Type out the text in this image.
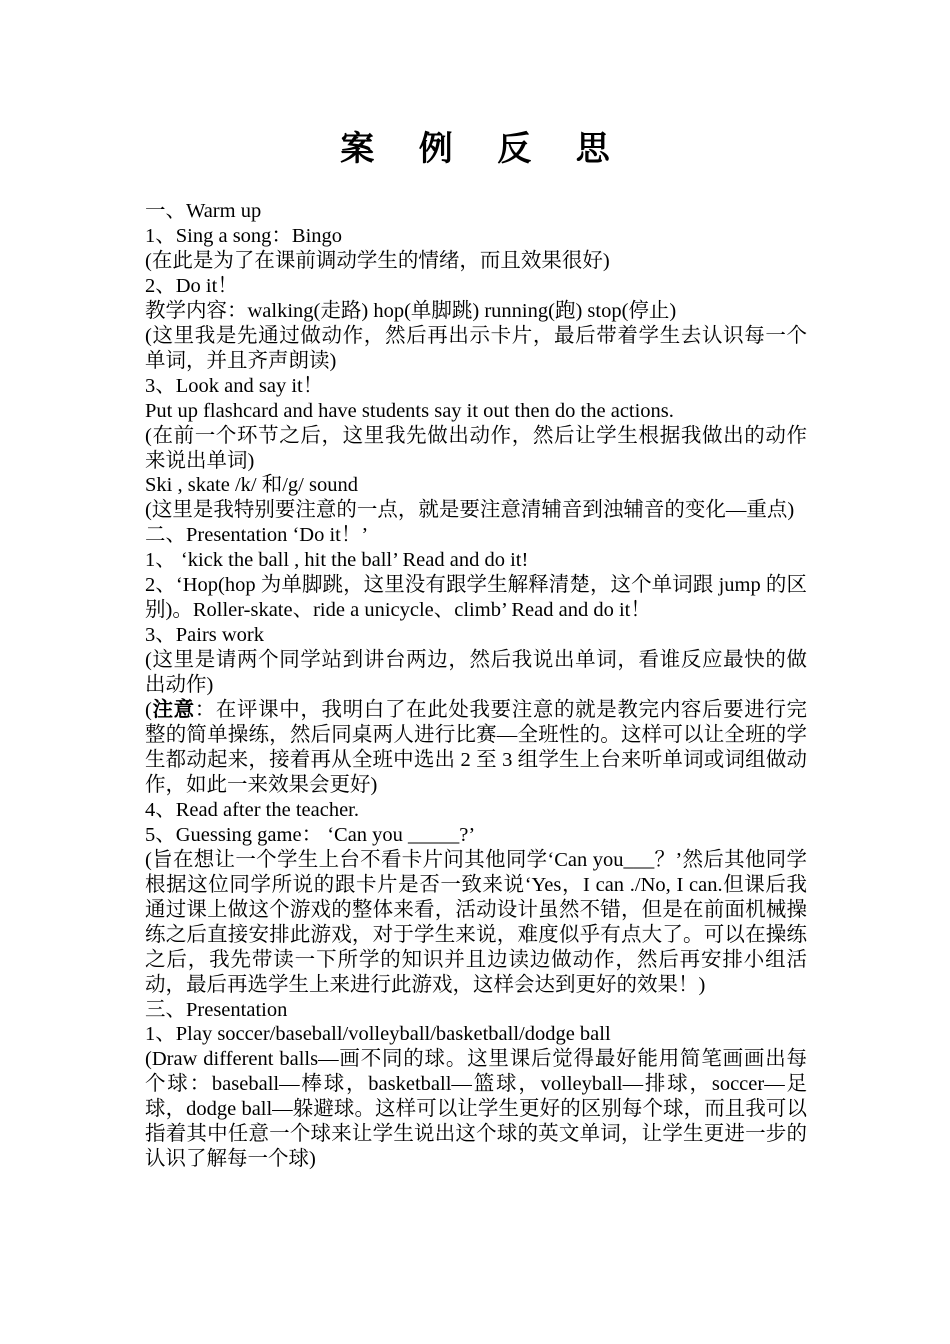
案 例 反 思

一、Warm up

1、Sing a song：Bingo

(在此是为了在课前调动学生的情绪，而且效果很好)

2、Do it！

教学内容：walking(走路) hop(单脚跳) running(跑) stop(停止)

(这里我是先通过做动作，然后再出示卡片，最后带着学生去认识每一个单词，并且齐声朗读)

3、Look and say it！

Put up flashcard and have students say it out then do the actions.

(在前一个环节之后，这里我先做出动作，然后让学生根据我做出的动作来说出单词)

Ski , skate /k/ 和/g/ sound

(这里是我特别要注意的一点，就是要注意清辅音到浊辅音的变化—重点)

二、Presentation ‘Do it！’

1、 ‘kick the ball , hit the ball’ Read and do it!

2、‘Hop(hop 为单脚跳，这里没有跟学生解释清楚，这个单词跟 jump 的区别)。Roller-skate、ride a unicycle、climb’ Read and do it！

3、Pairs work

(这里是请两个同学站到讲台两边，然后我说出单词，看谁反应最快的做出动作)

(注意：在评课中，我明白了在此处我要注意的就是教完内容后要进行完整的简单操练，然后同桌两人进行比赛—全班性的。这样可以让全班的学生都动起来，接着再从全班中选出 2 至 3 组学生上台来听单词或词组做动作，如此一来效果会更好)

4、Read after the teacher.

5、Guessing game： ‘Can you _____?’

(旨在想让一个学生上台不看卡片问其他同学‘Can you___？’然后其他同学根据这位同学所说的跟卡片是否一致来说‘Yes，I can ./No, I can.但课后我通过课上做这个游戏的整体来看，活动设计虽然不错，但是在前面机械操练之后直接安排此游戏，对于学生来说，难度似乎有点大了。可以在操练之后，我先带读一下所学的知识并且边读边做动作，然后再安排小组活动，最后再选学生上来进行此游戏，这样会达到更好的效果！)

三、Presentation

1、Play soccer/baseball/volleyball/basketball/dodge ball

(Draw different balls—画不同的球。这里课后觉得最好能用简笔画画出每个球：baseball—棒球，basketball—篮球，volleyball—排球，soccer—足球，dodge ball—躲避球。这样可以让学生更好的区别每个球，而且我可以指着其中任意一个球来让学生说出这个球的英文单词，让学生更进一步的认识了解每一个球)
